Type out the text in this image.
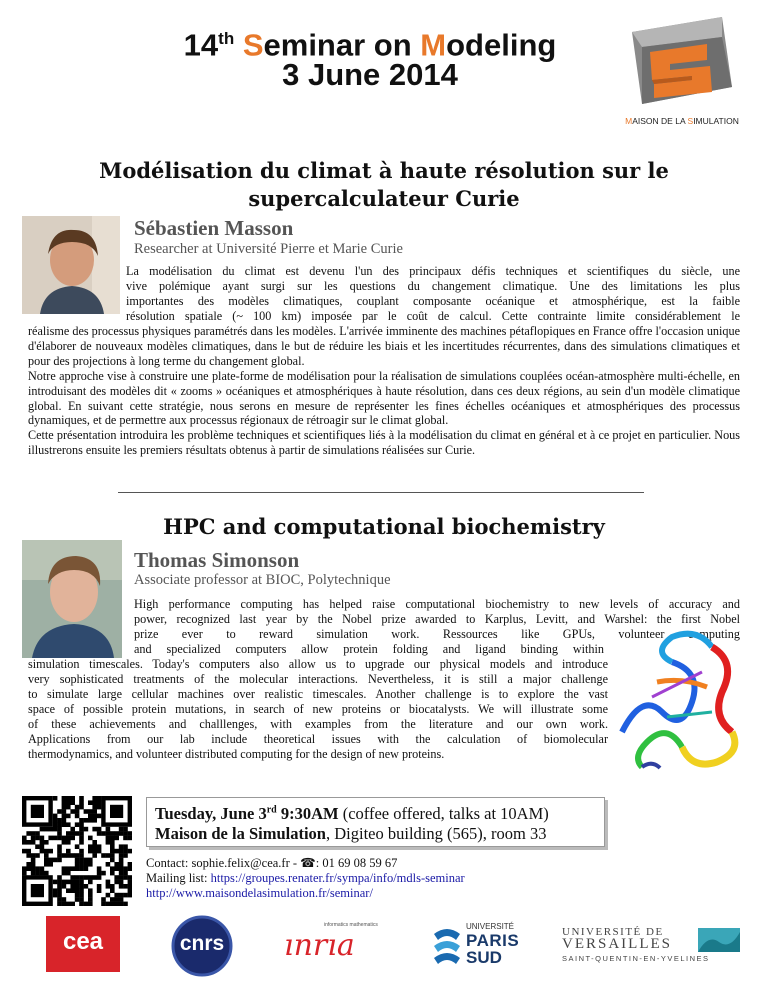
14th Seminar on Modeling
3 June 2014
MAISON DE LA SIMULATION
Modélisation du climat à haute résolution sur le
supercalculateur Curie
Sébastien Masson
Researcher at Université Pierre et Marie Curie

La modélisation du climat est devenu l'un des principaux défis techniques et scientifiques du siècle, une

vive polémique ayant surgi sur les questions du changement climatique. Une des limitations les plus

importantes des modèles climatiques, couplant composante océanique et atmosphérique, est la faible

résolution spatiale (~ 100 km) imposée par le coût de calcul. Cette contrainte limite considérablement le

réalisme des processus physiques paramétrés dans les modèles. L'arrivée imminente des machines pétaflopiques en France offre l'occasion unique d'élaborer de nouveaux modèles climatiques, dans le but de réduire les biais et les incertitudes récurrentes, dans des simulations climatiques et pour des projections à long terme du changement global.

Notre approche vise à construire une plate-forme de modélisation pour la réalisation de simulations couplées océan-atmosphère multi-échelle, en introduisant des modèles dit « zooms » océaniques et atmosphériques à haute résolution, dans ces deux régions, au sein d'un modèle climatique global. En suivant cette stratégie, nous serons en mesure de représenter les fines échelles océaniques et atmosphériques des processus dynamiques, et de permettre aux processus régionaux de rétroagir sur le climat global.

Cette présentation introduira les problème techniques et scientifiques liés à la modélisation du climat en général et à ce projet en particulier. Nous illustrerons ensuite les premiers résultats obtenus à partir de simulations réalisées sur Curie.

HPC and computational biochemistry
Thomas Simonson
Associate professor at BIOC, Polytechnique

High performance computing has helped raise computational biochemistry to new levels of accuracy and

power, recognized last year by the Nobel prize awarded to Karplus, Levitt, and Warshel: the first Nobel

prize ever to reward simulation work. Ressources like GPUs, volunteer computing

and specialized computers allow protein folding and ligand binding within

simulation timescales. Today's computers also allow us to upgrade our physical models and introduce

very sophisticated treatments of the molecular interactions. Nevertheless, it is still a major challenge

to simulate large cellular machines over realistic timescales. Another challenge is to explore the vast

space of possible protein mutations, in search of new proteins or biocatalysts. We will illustrate some

of these achievements and challlenges, with examples from the literature and our own work.

Applications from our lab include theoretical issues with the calculation of biomolecular

thermodynamics, and volunteer distributed computing for the design of new proteins.

Tuesday, June 3rd 9:30AM (coffee offered, talks at 10AM)
Maison de la Simulation, Digiteo building (565), room 33
Contact: sophie.felix@cea.fr - ☎: 01 69 08 59 67
Mailing list: https://groupes.renater.fr/sympa/info/mdls-seminar
http://www.maisondelasimulation.fr/seminar/
cea	cnrs
informatics mathematics
ınrıa
UNIVERSITÉ
PARIS
SUD
UNIVERSITÉ DE
VERSAILLES
SAINT-QUENTIN-EN-YVELINES
